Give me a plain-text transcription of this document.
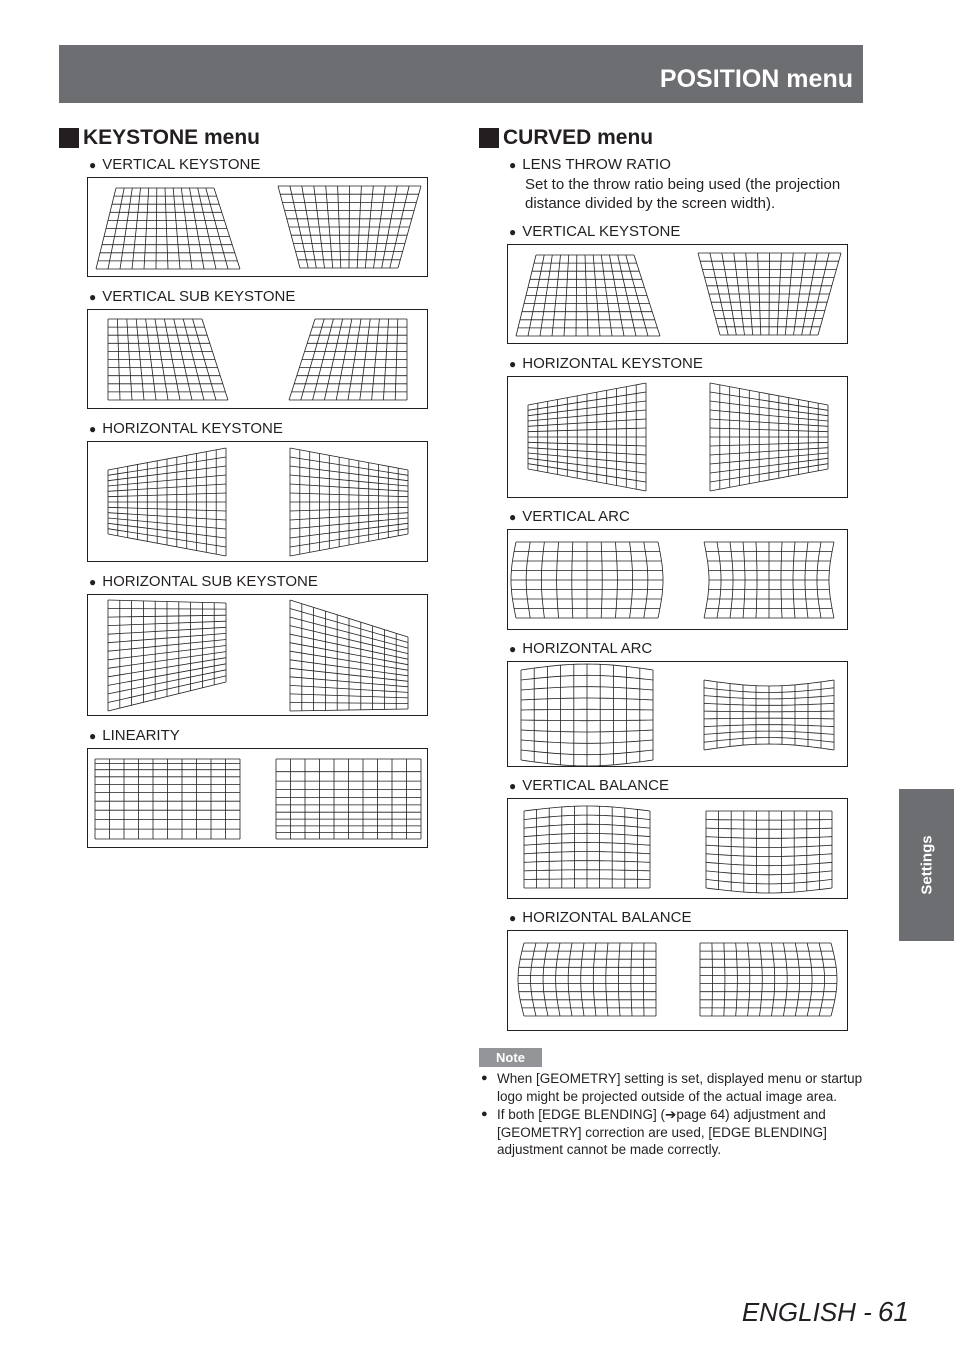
POSITION menu
KEYSTONE menu
● VERTICAL KEYSTONE
● VERTICAL SUB KEYSTONE
● HORIZONTAL KEYSTONE
● HORIZONTAL SUB KEYSTONE
● LINEARITY
CURVED menu
● LENS THROW RATIO
Set to the throw ratio being used (the projection
distance divided by the screen width).
● VERTICAL KEYSTONE
● HORIZONTAL KEYSTONE
● VERTICAL ARC
● HORIZONTAL ARC
● VERTICAL BALANCE
● HORIZONTAL BALANCE
Note
● When [GEOMETRY] setting is set, displayed menu or startup logo might be projected outside of the actual image area.
● If both [EDGE BLENDING] (➔page 64) adjustment and [GEOMETRY] correction are used, [EDGE BLENDING] adjustment cannot be made correctly.
Settings
ENGLISH - 61
